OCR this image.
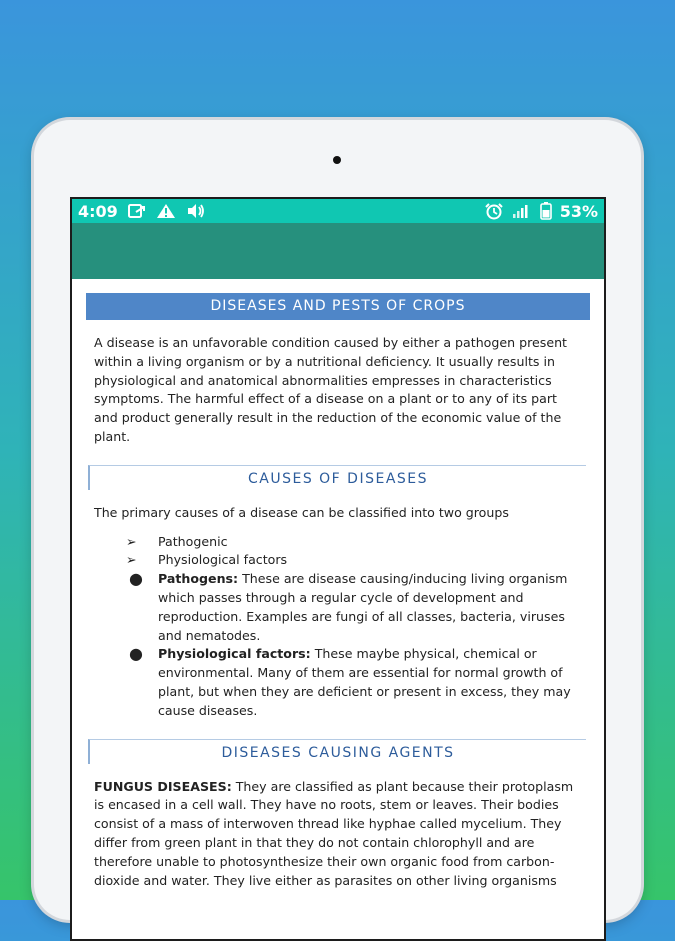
4:09	53%
DISEASES AND PESTS OF CROPS

A disease is an unfavorable condition caused by either a pathogen present within a living organism or by a nutritional deficiency. It usually results in physiological and anatomical abnormalities empresses in characteristics symptoms. The harmful effect of a disease on a plant or to any of its part and product generally result in the reduction of the economic value of the plant.

CAUSES OF DISEASES

The primary causes of a disease can be classified into two groups

➢ Pathogenic
➢ Physiological factors
● Pathogens: These are disease causing/inducing living organism which passes through a regular cycle of development and reproduction. Examples are fungi of all classes, bacteria, viruses and nematodes.
● Physiological factors: These maybe physical, chemical or environmental. Many of them are essential for normal growth of plant, but when they are deficient or present in excess, they may cause diseases.
DISEASES CAUSING AGENTS

FUNGUS DISEASES: They are classified as plant because their protoplasm is encased in a cell wall. They have no roots, stem or leaves. Their bodies consist of a mass of interwoven thread like hyphae called mycelium. They differ from green plant in that they do not contain chlorophyll and are therefore unable to photosynthesize their own organic food from carbon-dioxide and water. They live either as parasites on other living organisms
